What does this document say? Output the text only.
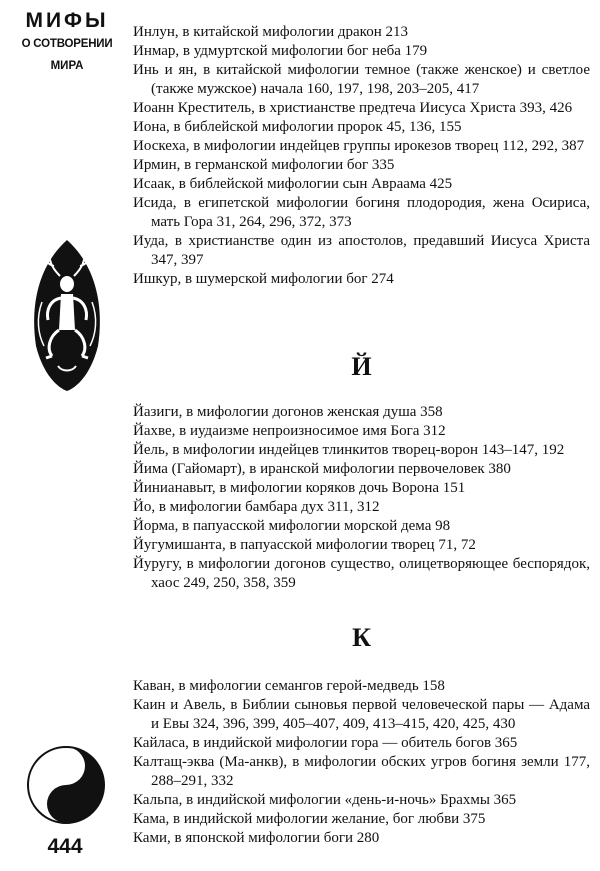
МИФЫ
О СОТВОРЕНИИ
МИРА
Инлун, в китайской мифологии дракон 213
Инмар, в удмуртской мифологии бог неба 179
Инь и ян, в китайской мифологии темное (также женское) и светлое (также мужское) начала 160, 197, 198, 203–205, 417
Иоанн Креститель, в христианстве предтеча Иисуса Христа 393, 426
Иона, в библейской мифологии пророк 45, 136, 155
Иоскеха, в мифологии индейцев группы ирокезов творец 112, 292, 387
Ирмин, в германской мифологии бог 335
Исаак, в библейской мифологии сын Авраама 425
Исида, в египетской мифологии богиня плодородия, жена Осириса, мать Гора 31, 264, 296, 372, 373
Иуда, в христианстве один из апостолов, предавший Иисуса Христа 347, 397
Ишкур, в шумерской мифологии бог 274
Й
Йазиги, в мифологии догонов женская душа 358
Йахве, в иудаизме непроизносимое имя Бога 312
Йель, в мифологии индейцев тлинкитов творец-ворон 143–147, 192
Йима (Гайомарт), в иранской мифологии первочеловек 380
Йинианавыт, в мифологии коряков дочь Ворона 151
Йо, в мифологии бамбара дух 311, 312
Йорма, в папуасской мифологии морской дема 98
Йугумишанта, в папуасской мифологии творец 71, 72
Йуругу, в мифологии догонов существо, олицетворяющее беспорядок, хаос 249, 250, 358, 359
К
Каван, в мифологии семангов герой-медведь 158
Каин и Авель, в Библии сыновья первой человеческой пары — Адама и Евы 324, 396, 399, 405–407, 409, 413–415, 420, 425, 430
Кайласа, в индийской мифологии гора — обитель богов 365
Калтащ-эква (Ма-анкв), в мифологии обских угров богиня земли 177, 288–291, 332
Кальпа, в индийской мифологии «день-и-ночь» Брахмы 365
Кама, в индийской мифологии желание, бог любви 375
Ками, в японской мифологии боги 280
444
